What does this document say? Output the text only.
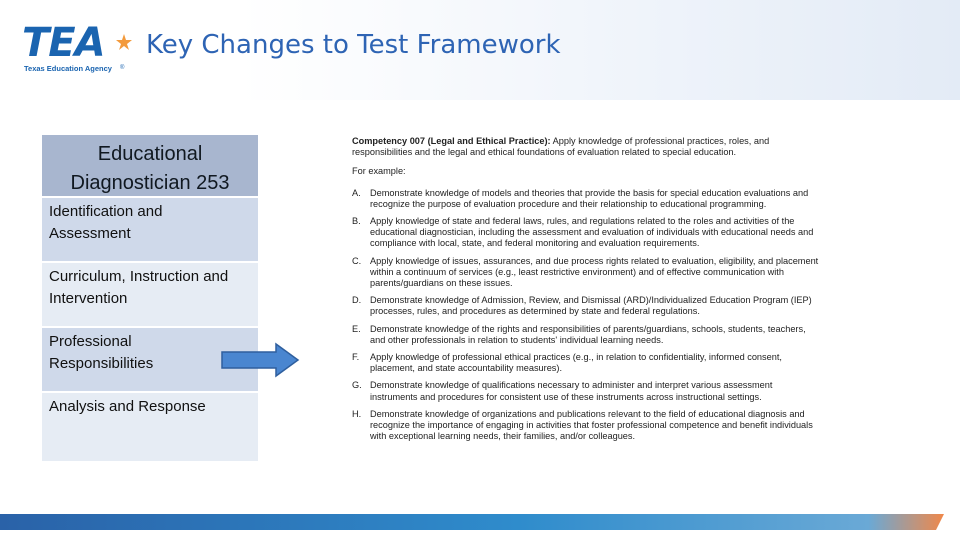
TEA
Texas Education Agency ®
Key Changes to Test Framework
Educational
Diagnostician 253
Identification and
Assessment
Curriculum, Instruction and
Intervention
Professional
Responsibilities
Analysis and Response
Competency 007 (Legal and Ethical Practice): Apply knowledge of professional practices, roles, and responsibilities and the legal and ethical foundations of evaluation related to special education.
For example:
A.	Demonstrate knowledge of models and theories that provide the basis for special education evaluations and recognize the purpose of evaluation procedure and their relationship to educational programming.
B.	Apply knowledge of state and federal laws, rules, and regulations related to the roles and activities of the educational diagnostician, including the assessment and evaluation of individuals with educational needs and compliance with local, state, and federal monitoring and evaluation requirements.
C. Apply knowledge of issues, assurances, and due process rights related to evaluation, eligibility, and placement within a continuum of services (e.g., least restrictive environment) and of effective communication with parents/guardians on these issues.
D. Demonstrate knowledge of Admission, Review, and Dismissal (ARD)/Individualized Education Program (IEP) processes, rules, and procedures as determined by state and federal regulations.
E.	Demonstrate knowledge of the rights and responsibilities of parents/guardians, schools, students, teachers, and other professionals in relation to students' individual learning needs.
F.	Apply knowledge of professional ethical practices (e.g., in relation to confidentiality, informed consent, placement, and state accountability measures).
G. Demonstrate knowledge of qualifications necessary to administer and interpret various assessment instruments and procedures for consistent use of these instruments across instructional settings.
H. Demonstrate knowledge of organizations and publications relevant to the field of educational diagnosis and recognize the importance of engaging in activities that foster professional competence and benefit individuals with exceptional learning needs, their families, and/or colleagues.
